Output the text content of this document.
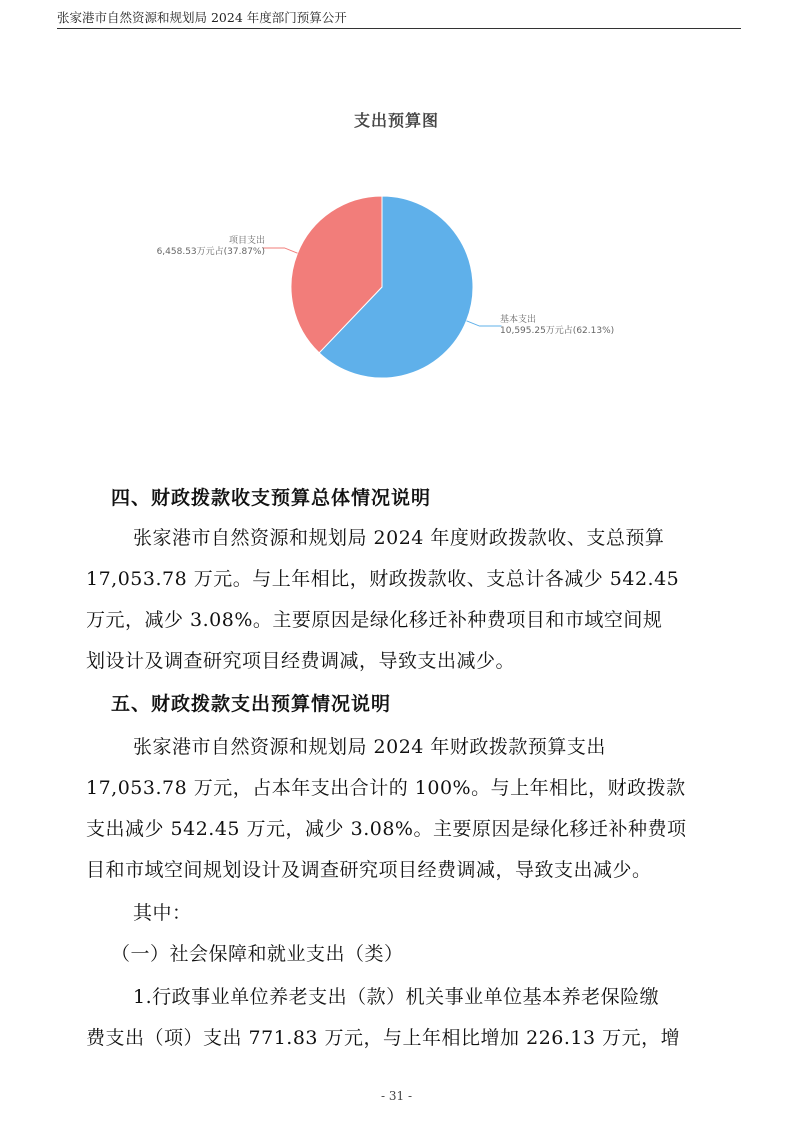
张家港市自然资源和规划局 2024 年度部门预算公开
支出预算图
基本支出
10,595.25万元占(62.13%)
项目支出
6,458.53万元占(37.87%)
四、财政拨款收支预算总体情况说明
张家港市自然资源和规划局 2024 年度财政拨款收、支总预算
17,053.78 万元。与上年相比，财政拨款收、支总计各减少 542.45
万元，减少 3.08%。主要原因是绿化移迁补种费项目和市域空间规
划设计及调查研究项目经费调减，导致支出减少。
五、财政拨款支出预算情况说明
张家港市自然资源和规划局 2024 年财政拨款预算支出
17,053.78 万元，占本年支出合计的 100%。与上年相比，财政拨款
支出减少 542.45 万元，减少 3.08%。主要原因是绿化移迁补种费项
目和市域空间规划设计及调查研究项目经费调减，导致支出减少。
其中：
（一）社会保障和就业支出（类）
1.行政事业单位养老支出（款）机关事业单位基本养老保险缴
费支出（项）支出 771.83 万元，与上年相比增加 226.13 万元，增
- 31 -
